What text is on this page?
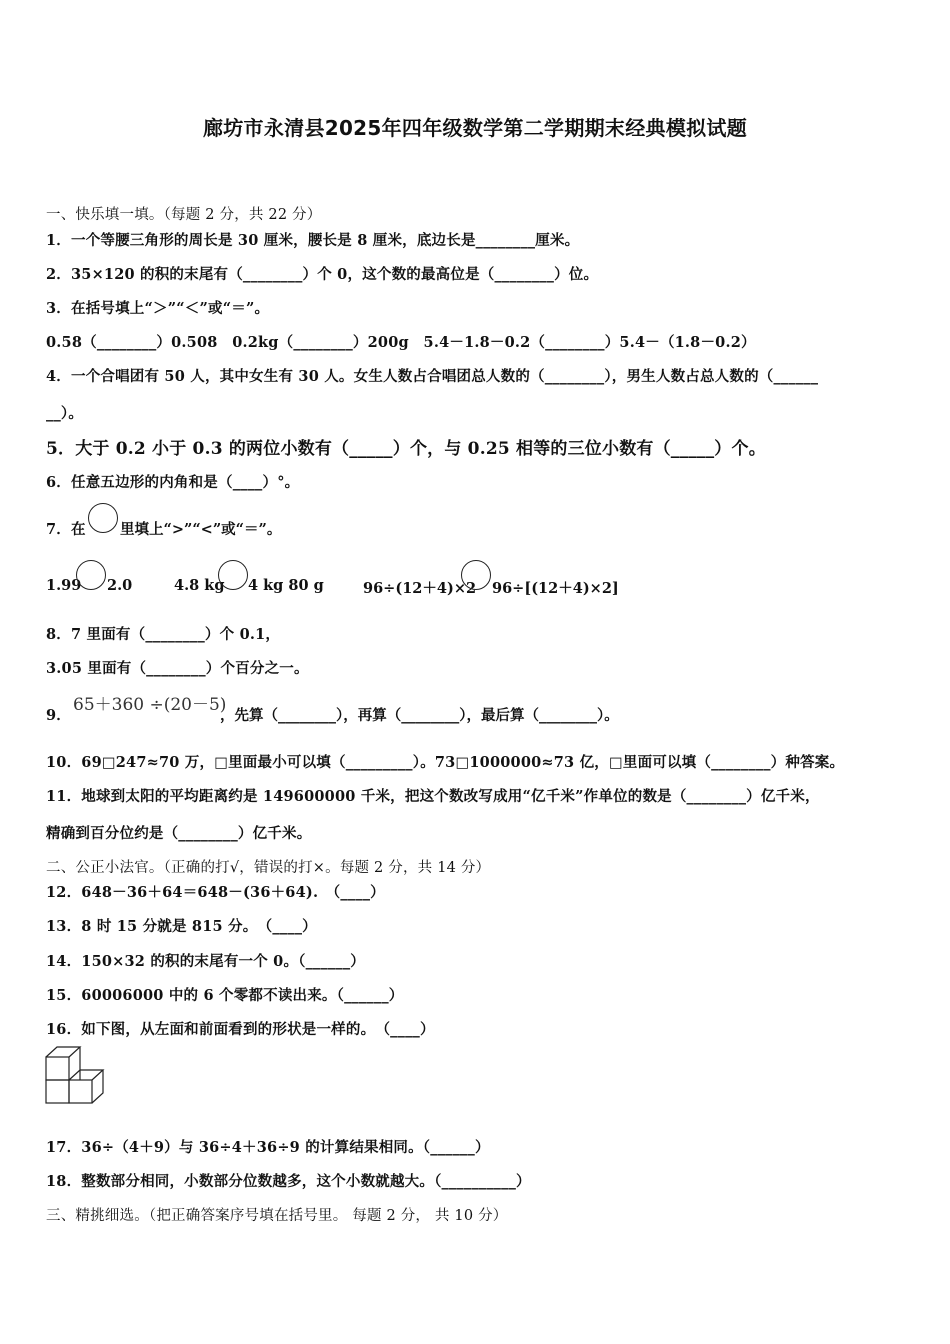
廊坊市永清县2025年四年级数学第二学期期末经典模拟试题
一、快乐填一填。（每题 2 分，共 22 分）
1．一个等腰三角形的周长是 30 厘米，腰长是 8 厘米，底边长是________厘米。
2．35×120 的积的末尾有（________）个 0，这个数的最高位是（________）位。
3．在括号填上“＞”“＜”或“＝”。
0.58（________）0.508　0.2kg（________）200g　5.4－1.8－0.2（________）5.4－（1.8－0.2）
4．一个合唱团有 50 人，其中女生有 30 人。女生人数占合唱团总人数的（________），男生人数占总人数的（______
__）。
5．大于 0.2 小于 0.3 的两位小数有（_____）个，与 0.25 相等的三位小数有（_____）个。
6．任意五边形的内角和是（____）°。
7．在 里填上“>”“<”或“＝”。
1.99 2.0	4.8 kg 4 kg 80 g	96÷(12＋4)×2 96÷[(12＋4)×2]
8．7 里面有（________）个 0.1，
3.05 里面有（________）个百分之一。
9．
65＋360 ÷(20－5)
，先算（________），再算（________），最后算（________）。
10．69□247≈70 万，□里面最小可以填（_________）。73□1000000≈73 亿，□里面可以填（________）种答案。
11．地球到太阳的平均距离约是 149600000 千米，把这个数改写成用“亿千米”作单位的数是（________）亿千米，
精确到百分位约是（________）亿千米。
二、公正小法官。（正确的打√，错误的打×。每题 2 分，共 14 分）
12．648－36＋64＝648－(36＋64).　（____）
13．8 时 15 分就是 815 分。　（____）
14．150×32 的积的末尾有一个 0。（______）
15．60006000 中的 6 个零都不读出来。（______）
16．如下图，从左面和前面看到的形状是一样的。　（____）
17．36÷（4＋9）与 36÷4＋36÷9 的计算结果相同。（______）
18．整数部分相同，小数部分位数越多，这个小数就越大。（__________）
三、精挑细选。（把正确答案序号填在括号里。 每题 2 分， 共 10 分）
